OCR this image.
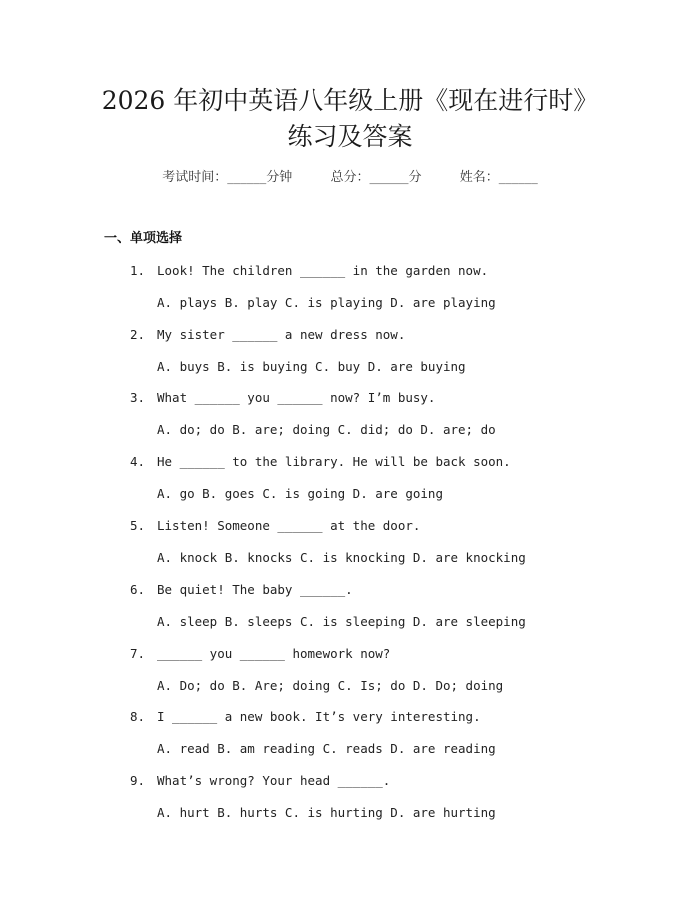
2026 年初中英语八年级上册《现在进行时》
练习及答案
考试时间：______分钟	总分：______分	姓名：______
一、单项选择
1. Look! The children ______ in the garden now.
A. plays B. play C. is playing D. are playing
2. My sister ______ a new dress now.
A. buys B. is buying C. buy D. are buying
3. What ______ you ______ now? I’m busy.
A. do; do B. are; doing C. did; do D. are; do
4. He ______ to the library. He will be back soon.
A. go B. goes C. is going D. are going
5. Listen! Someone ______ at the door.
A. knock B. knocks C. is knocking D. are knocking
6. Be quiet! The baby ______.
A. sleep B. sleeps C. is sleeping D. are sleeping
7. ______ you ______ homework now?
A. Do; do B. Are; doing C. Is; do D. Do; doing
8. I ______ a new book. It’s very interesting.
A. read B. am reading C. reads D. are reading
9. What’s wrong? Your head ______.
A. hurt B. hurts C. is hurting D. are hurting
